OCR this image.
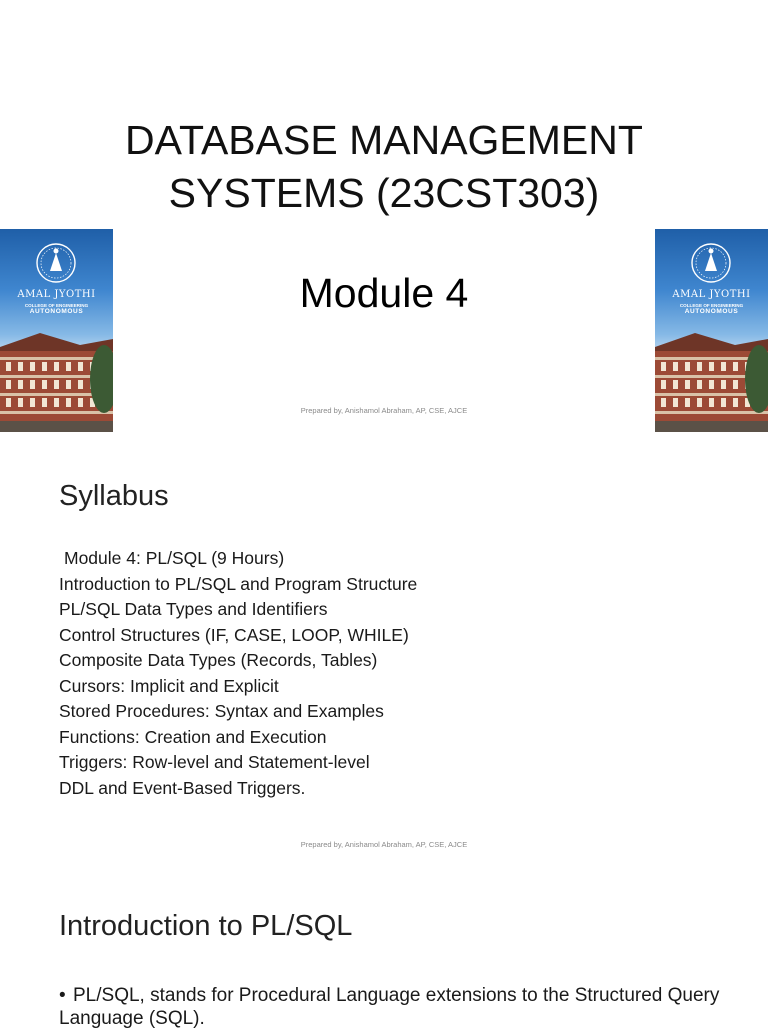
DATABASE MANAGEMENT
SYSTEMS (23CST303)
AMAL JYOTHI
COLLEGE OF ENGINEERING
AUTONOMOUS
AMAL JYOTHI
COLLEGE OF ENGINEERING
AUTONOMOUS
Module 4
Prepared by, Anishamol Abraham, AP, CSE, AJCE
Syllabus
Module 4: PL/SQL (9 Hours)
Introduction to PL/SQL and Program Structure
PL/SQL Data Types and Identifiers
Control Structures (IF, CASE, LOOP, WHILE)
Composite Data Types (Records, Tables)
Cursors: Implicit and Explicit
Stored Procedures: Syntax and Examples
Functions: Creation and Execution
Triggers: Row-level and Statement-level
DDL and Event-Based Triggers.
Prepared by, Anishamol Abraham, AP, CSE, AJCE
Introduction to PL/SQL
• PL/SQL, stands for Procedural Language extensions to the Structured Query Language (SQL).
